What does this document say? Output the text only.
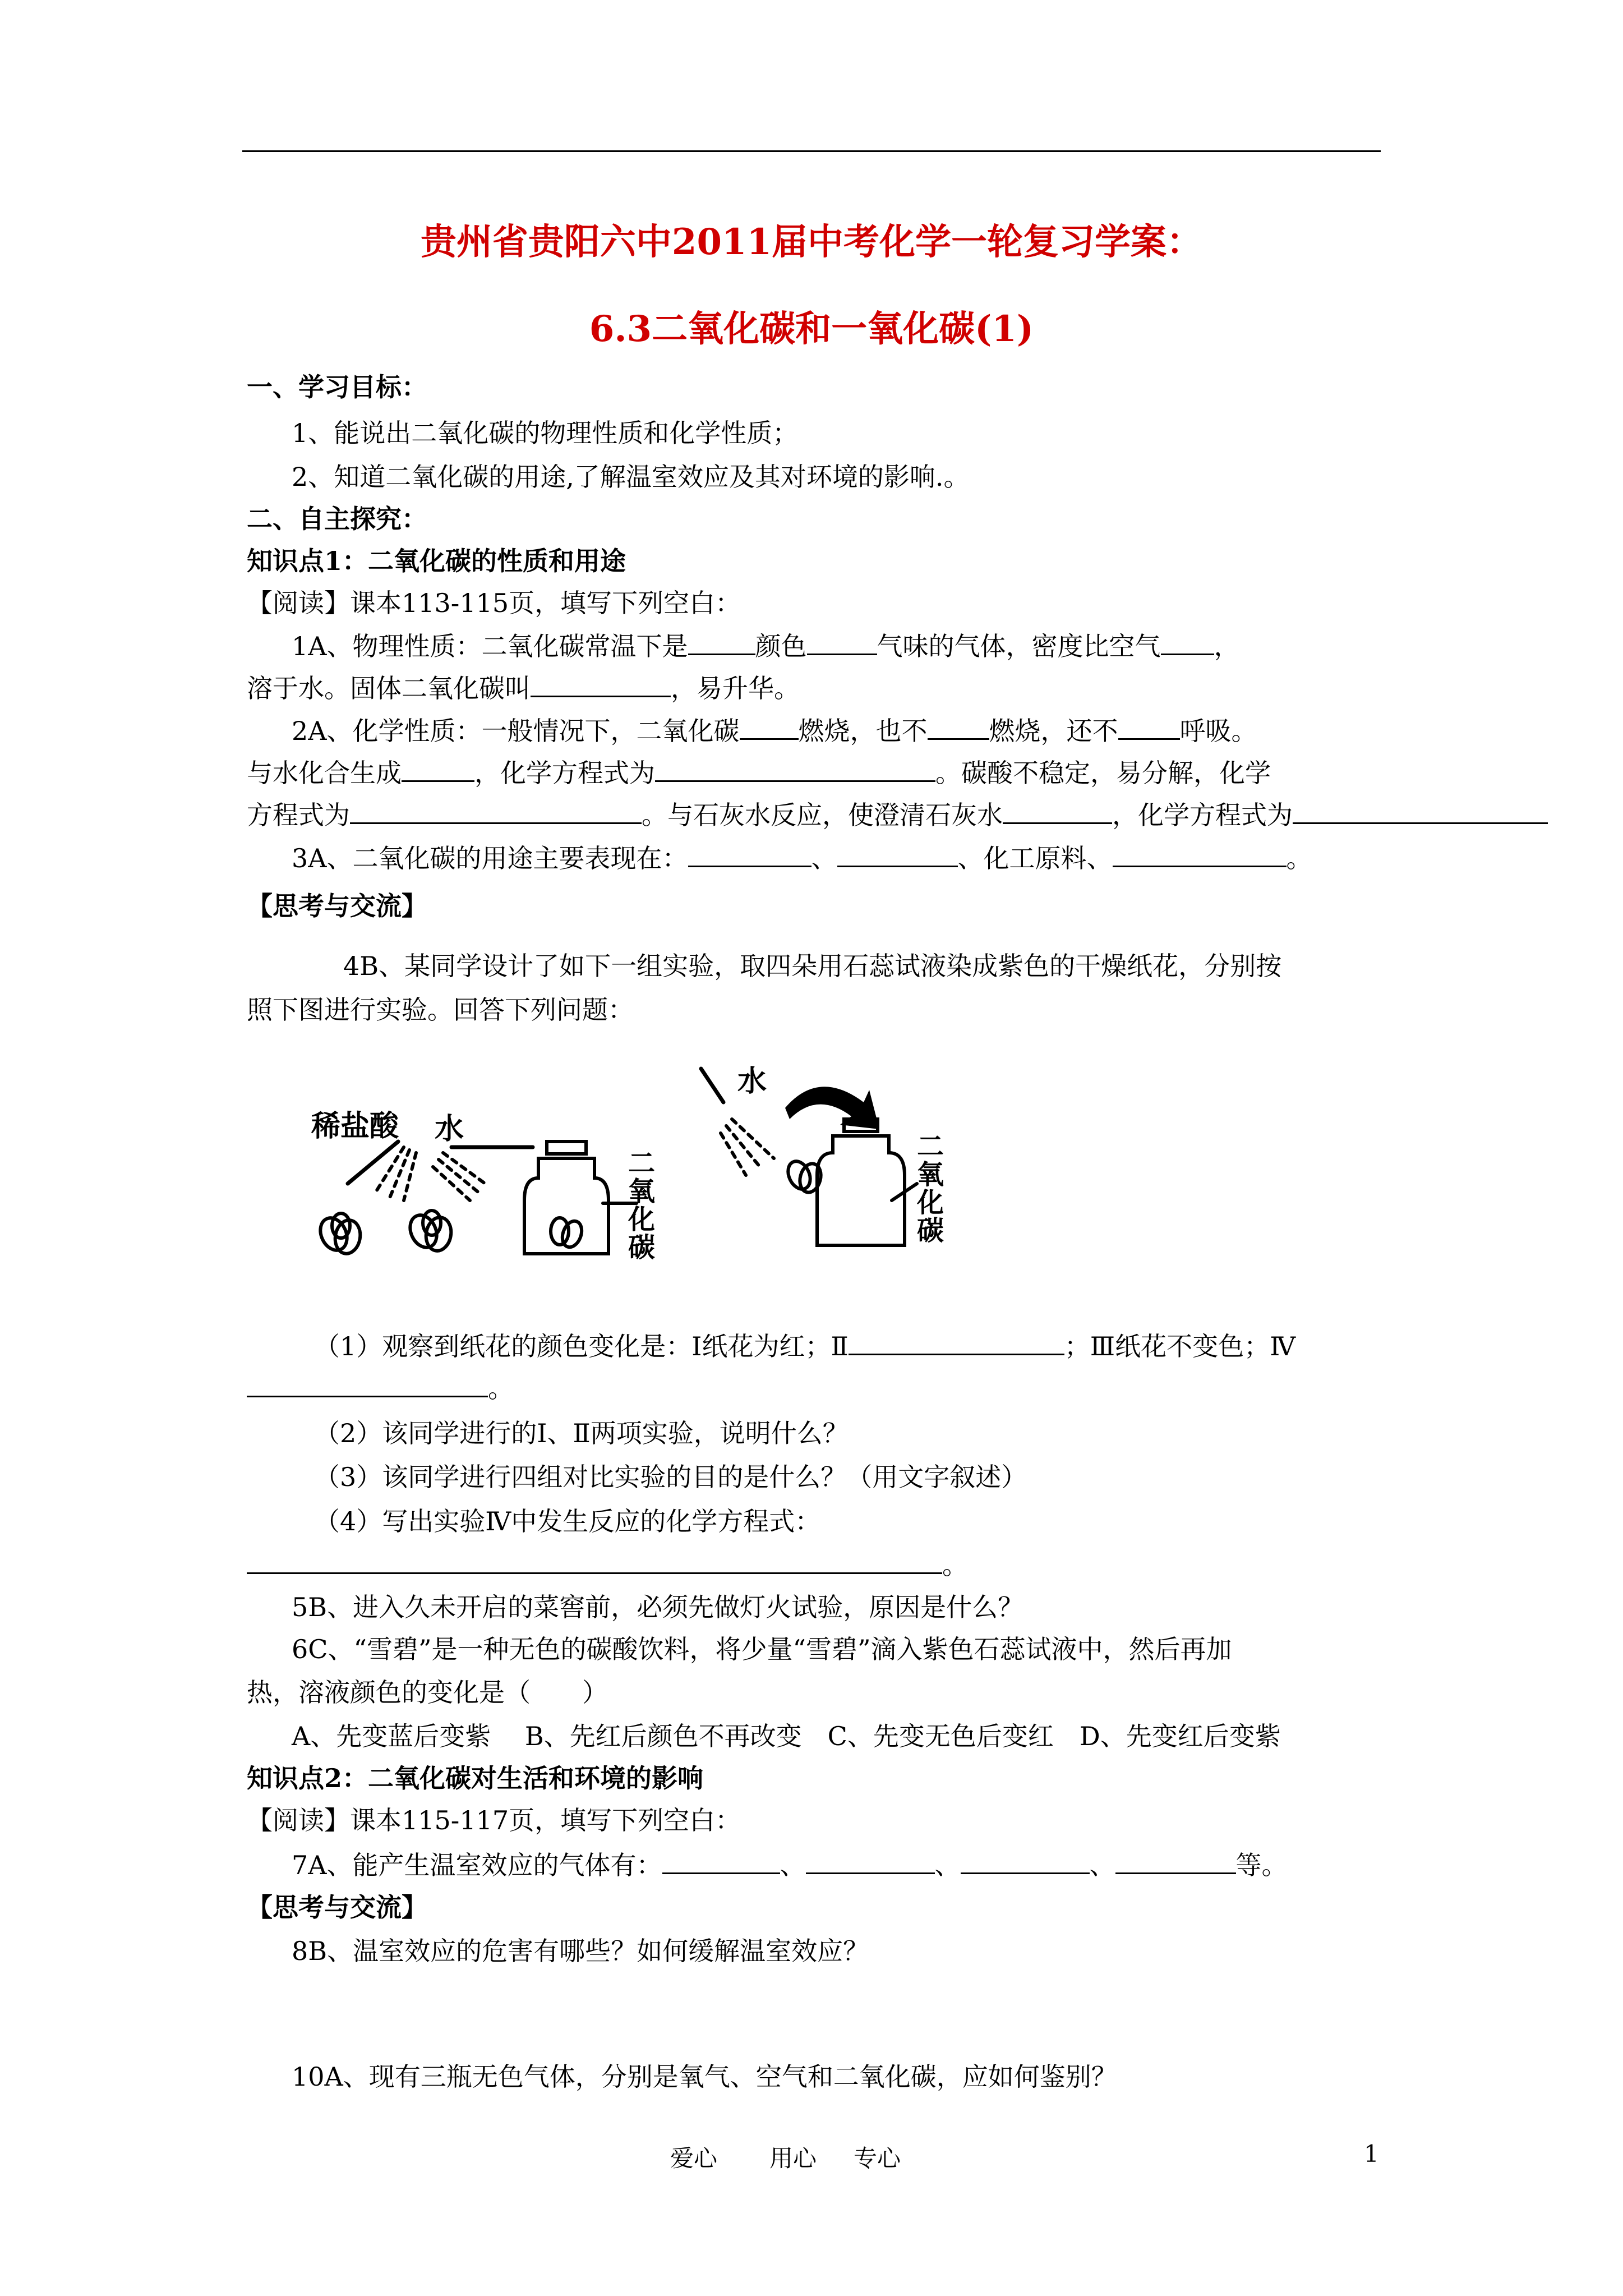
贵州省贵阳六中2011届中考化学一轮复习学案：
6.3二氧化碳和一氧化碳(1)
一、学习目标：
1、能说出二氧化碳的物理性质和化学性质；
2、知道二氧化碳的用途,了解温室效应及其对环境的影响.。
二、自主探究：
知识点1：二氧化碳的性质和用途
【阅读】课本113-115页，填写下列空白：
1A、物理性质：二氧化碳常温下是	颜色	气味的气体，密度比空气 ，
溶于水。固体二氧化碳叫	，易升华。
2A、化学性质：一般情况下，二氧化碳 燃烧，也不 燃烧，还不 呼吸。
与水化合生成	，化学方程式为	。碳酸不稳定，易分解，化学
方程式为	。与石灰水反应，使澄清石灰水	，化学方程式为
3A、二氧化碳的用途主要表现在：	、	、化工原料、	。
【思考与交流】
4B、某同学设计了如下一组实验，取四朵用石蕊试液染成紫色的干燥纸花，分别按
照下图进行实验。回答下列问题：
稀盐酸 水
水
二
氧
化
碳
二
氧
化
碳
（1）观察到纸花的颜色变化是：Ⅰ纸花为红；Ⅱ	；Ⅲ纸花不变色；Ⅳ
。
（2）该同学进行的Ⅰ、Ⅱ两项实验，说明什么？
（3）该同学进行四组对比实验的目的是什么？（用文字叙述）
（4）写出实验Ⅳ中发生反应的化学方程式：
。
5B、进入久未开启的菜窖前，必须先做灯火试验，原因是什么？
6C、“雪碧”是一种无色的碳酸饮料，将少量“雪碧”滴入紫色石蕊试液中，然后再加
热，溶液颜色的变化是（　　）
A、先变蓝后变紫　 B、先红后颜色不再改变　C、先变无色后变红　D、先变红后变紫
知识点2：二氧化碳对生活和环境的影响
【阅读】课本115-117页，填写下列空白：
7A、能产生温室效应的气体有：	、	、	、	等。
【思考与交流】
8B、温室效应的危害有哪些？如何缓解温室效应？
10A、现有三瓶无色气体，分别是氧气、空气和二氧化碳，应如何鉴别？
爱心 用心 专心	1
